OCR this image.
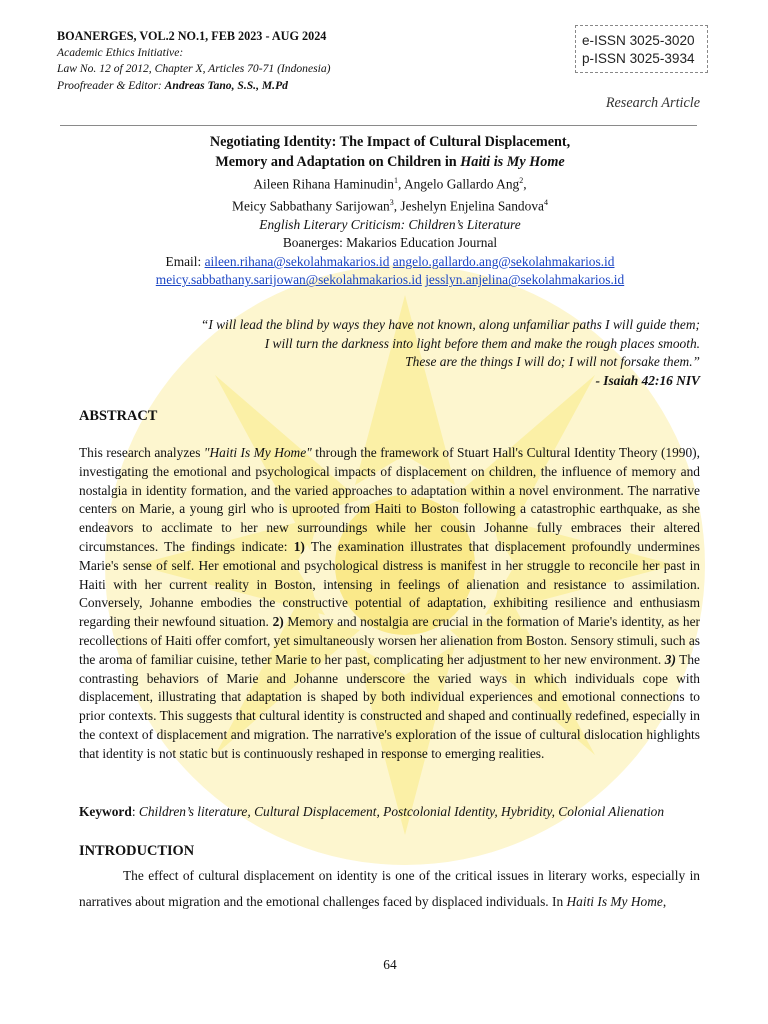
BOANERGES, VOL.2 NO.1, FEB 2023 - AUG 2024
Academic Ethics Initiative:
Law No. 12 of 2012, Chapter X, Articles 70-71 (Indonesia)
Proofreader & Editor: Andreas Tano, S.S., M.Pd
e-ISSN 3025-3020
p-ISSN 3025-3934
Research Article
Negotiating Identity: The Impact of Cultural Displacement,
Memory and Adaptation on Children in Haiti is My Home
Aileen Rihana Haminudin$^1$, Angelo Gallardo Ang$^2$,
Meicy Sabbathany Sarijowan$^3$, Jeshelyn Enjelina Sandova$^4$
English Literary Criticism: Children’s Literature
Boanerges: Makarios Education Journal
Email: aileen.rihana@sekolahmakarios.id angelo.gallardo.ang@sekolahmakarios.id
meicy.sabbathany.sarijowan@sekolahmakarios.id jesslyn.anjelina@sekolahmakarios.id
“I will lead the blind by ways they have not known, along unfamiliar paths I will guide them;
I will turn the darkness into light before them and make the rough places smooth.
These are the things I will do; I will not forsake them.”
- Isaiah 42:16 NIV
ABSTRACT
This research analyzes "Haiti Is My Home" through the framework of Stuart Hall's Cultural Identity Theory (1990), investigating the emotional and psychological impacts of displacement on children, the influence of memory and nostalgia in identity formation, and the varied approaches to adaptation within a novel environment. The narrative centers on Marie, a young girl who is uprooted from Haiti to Boston following a catastrophic earthquake, as she endeavors to acclimate to her new surroundings while her cousin Johanne fully embraces their altered circumstances. The findings indicate: 1) The examination illustrates that displacement profoundly undermines Marie's sense of self. Her emotional and psychological distress is manifest in her struggle to reconcile her past in Haiti with her current reality in Boston, intensing in feelings of alienation and resistance to assimilation. Conversely, Johanne embodies the constructive potential of adaptation, exhibiting resilience and enthusiasm regarding their newfound situation. 2) Memory and nostalgia are crucial in the formation of Marie's identity, as her recollections of Haiti offer comfort, yet simultaneously worsen her alienation from Boston. Sensory stimuli, such as the aroma of familiar cuisine, tether Marie to her past, complicating her adjustment to her new environment. 3) The contrasting behaviors of Marie and Johanne underscore the varied ways in which individuals cope with displacement, illustrating that adaptation is shaped by both individual experiences and emotional connections to prior contexts. This suggests that cultural identity is constructed and shaped and continually redefined, especially in the context of displacement and migration. The narrative's exploration of the issue of cultural dislocation highlights that identity is not static but is continuously reshaped in response to emerging realities.
Keyword: Children’s literature, Cultural Displacement, Postcolonial Identity, Hybridity, Colonial Alienation
INTRODUCTION
The effect of cultural displacement on identity is one of the critical issues in literary works, especially in narratives about migration and the emotional challenges faced by displaced individuals. In Haiti Is My Home,
64
